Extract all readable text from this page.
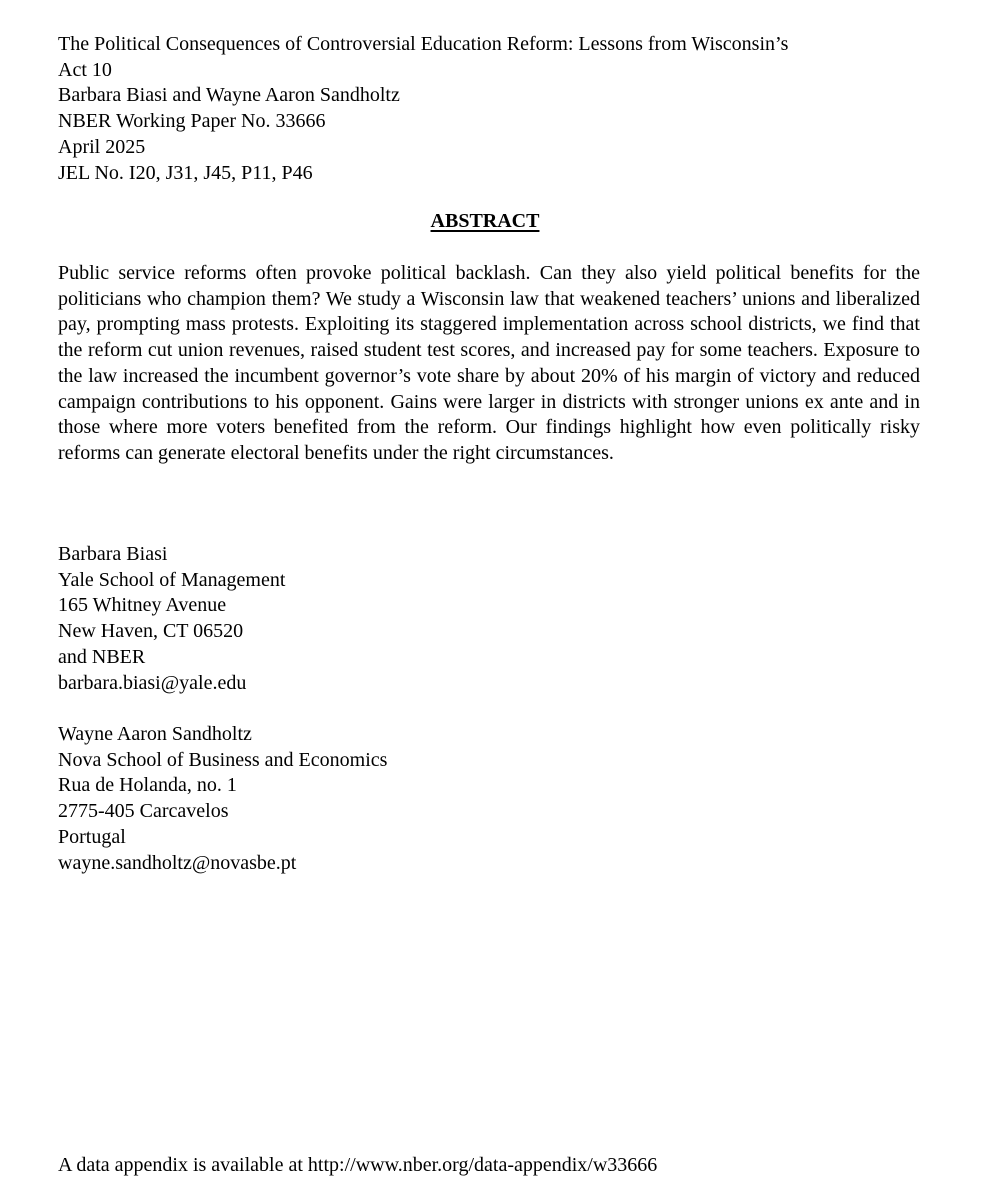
The Political Consequences of Controversial Education Reform: Lessons from Wisconsin’s
Act 10
Barbara Biasi and Wayne Aaron Sandholtz
NBER Working Paper No. 33666
April 2025
JEL No. I20, J31, J45, P11, P46
ABSTRACT

Public service reforms often provoke political backlash. Can they also yield political benefits for the politicians who champion them? We study a Wisconsin law that weakened teachers’ unions and liberalized pay, prompting mass protests. Exploiting its staggered implementation across school districts, we find that the reform cut union revenues, raised student test scores, and increased pay for some teachers. Exposure to the law increased the incumbent governor’s vote share by about 20% of his margin of victory and reduced campaign contributions to his opponent. Gains were larger in districts with stronger unions ex ante and in those where more voters benefited from the reform. Our findings highlight how even politically risky reforms can generate electoral benefits under the right circumstances.

Barbara Biasi
Yale School of Management
165 Whitney Avenue
New Haven, CT 06520
and NBER
barbara.biasi@yale.edu
Wayne Aaron Sandholtz
Nova School of Business and Economics
Rua de Holanda, no. 1
2775-405 Carcavelos
Portugal
wayne.sandholtz@novasbe.pt
A data appendix is available at http://www.nber.org/data-appendix/w33666
